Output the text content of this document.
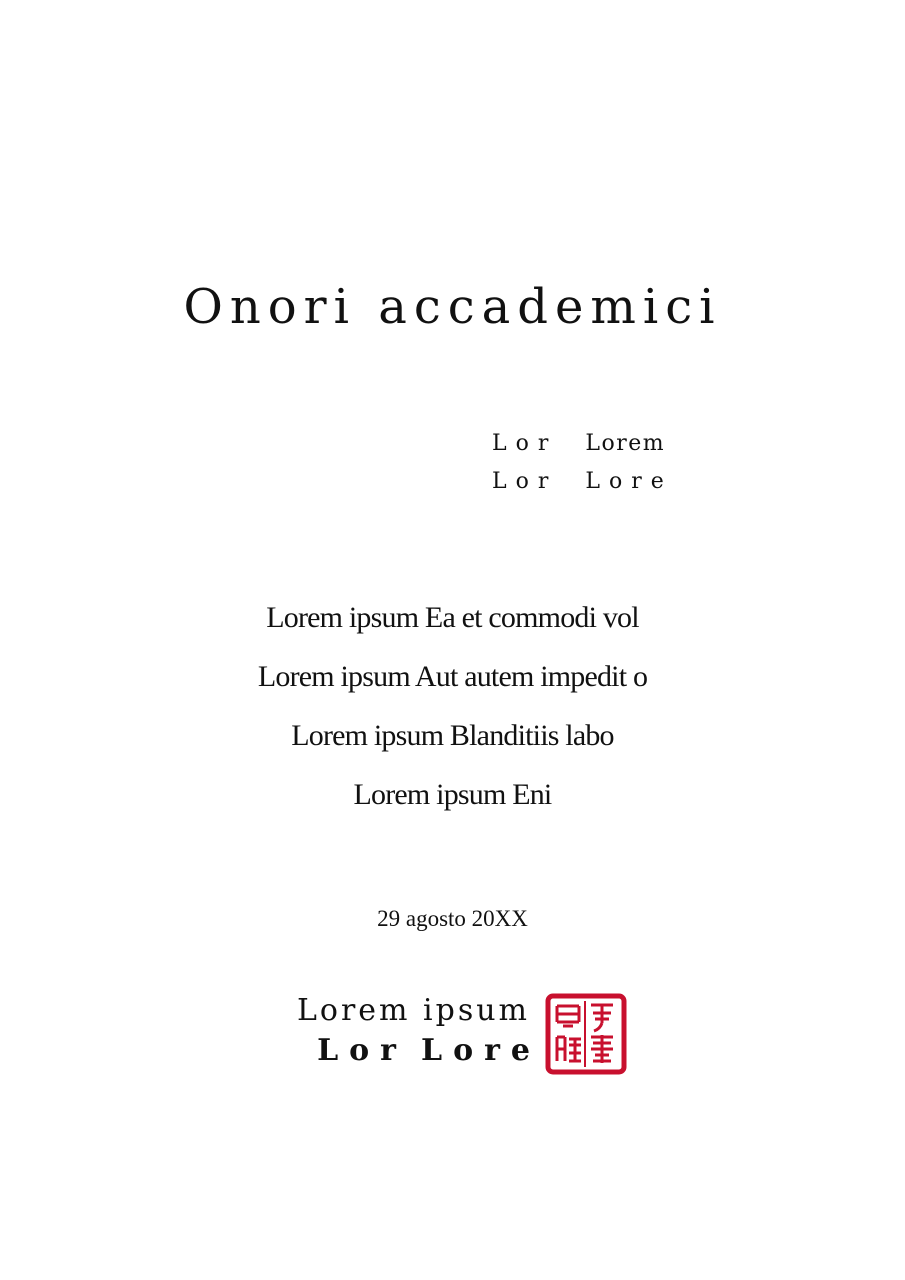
Onori accademici
Lor
Lor
Lorem
Lore
Lorem ipsum Ea et commodi vol
Lorem ipsum Aut autem impedit o
Lorem ipsum Blanditiis labo
Lorem ipsum Eni
29 agosto 20XX
Lorem ipsum
Lor Lore
